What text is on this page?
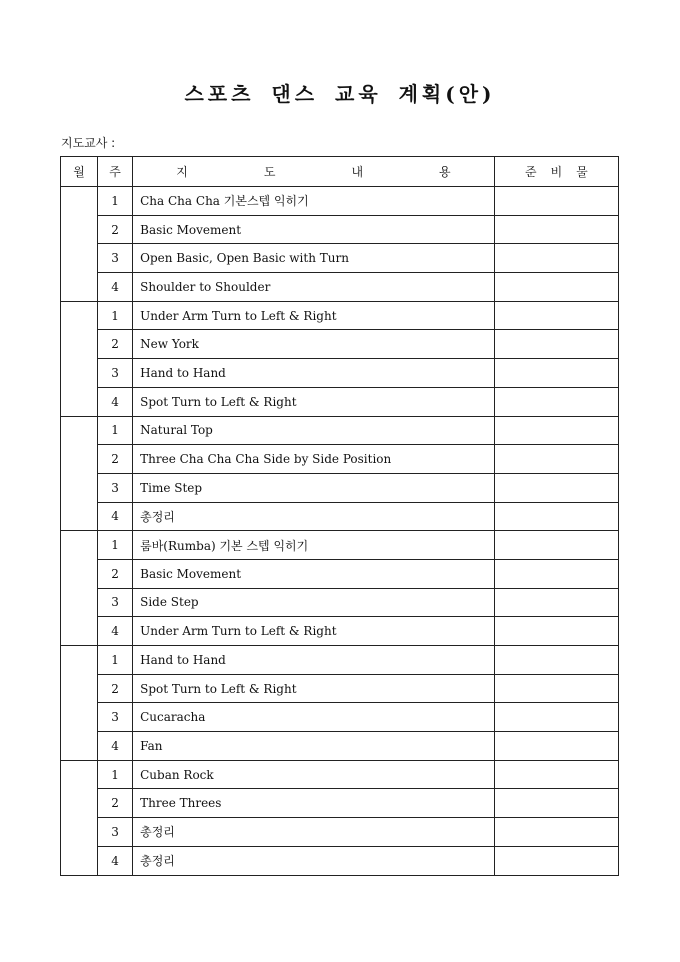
스포츠 댄스 교육 계획(안)
지도교사 :
월	주	지 도 내 용	준 비 물
	1	Cha Cha Cha 기본스텝 익히기	
	2	Basic Movement	
	3	Open Basic, Open Basic with Turn	
	4	Shoulder to Shoulder	
	1	Under Arm Turn to Left & Right	
	2	New York	
	3	Hand to Hand	
	4	Spot Turn to Left & Right	
	1	Natural Top	
	2	Three Cha Cha Cha Side by Side Position	
	3	Time Step	
	4	총정리	
	1	룸바(Rumba) 기본 스텝 익히기	
	2	Basic Movement	
	3	Side Step	
	4	Under Arm Turn to Left & Right	
	1	Hand to Hand	
	2	Spot Turn to Left & Right	
	3	Cucaracha	
	4	Fan	
	1	Cuban Rock	
	2	Three Threes	
	3	총정리	
	4	총정리	
